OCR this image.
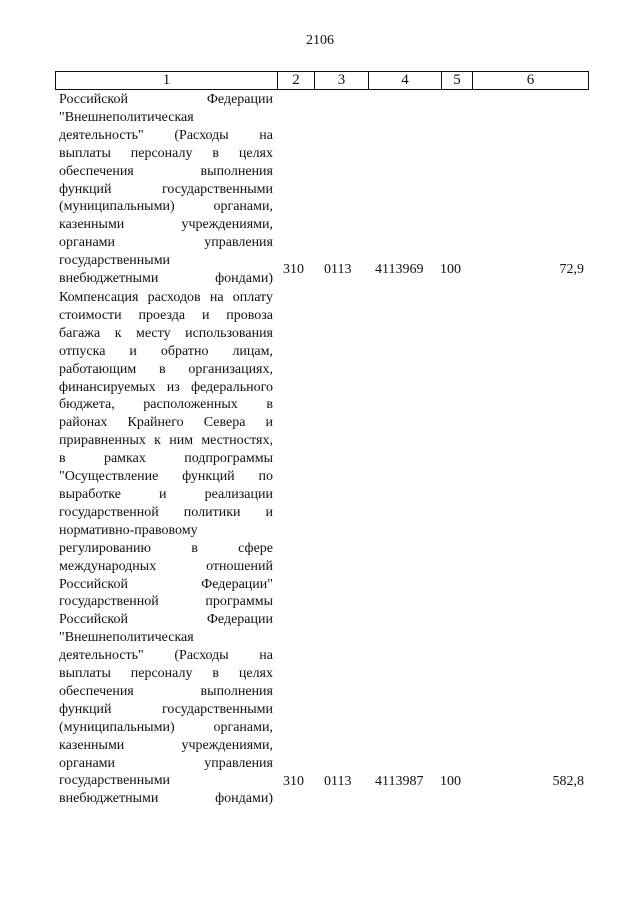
2106
1	2	3	4	5	6
Российской Федерации
"Внешнеполитическая
деятельность" (Расходы на
выплаты персоналу в целях
обеспечения выполнения
функций государственными
(муниципальными) органами,
казенными учреждениями,
органами управления
государственными
внебюджетными фондами)
310 0113 4113969 100	72,9
Компенсация расходов на оплату
стоимости проезда и провоза
багажа к месту использования
отпуска и обратно лицам,
работающим в организациях,
финансируемых из федерального
бюджета, расположенных в
районах Крайнего Севера и
приравненных к ним местностях,
в рамках подпрограммы
"Осуществление функций по
выработке и реализации
государственной политики и
нормативно-правовому
регулированию в сфере
международных отношений
Российской Федерации"
государственной программы
Российской Федерации
"Внешнеполитическая
деятельность" (Расходы на
выплаты персоналу в целях
обеспечения выполнения
функций государственными
(муниципальными) органами,
казенными учреждениями,
органами управления
государственными
внебюджетными фондами)
310 0113 4113987 100	582,8
